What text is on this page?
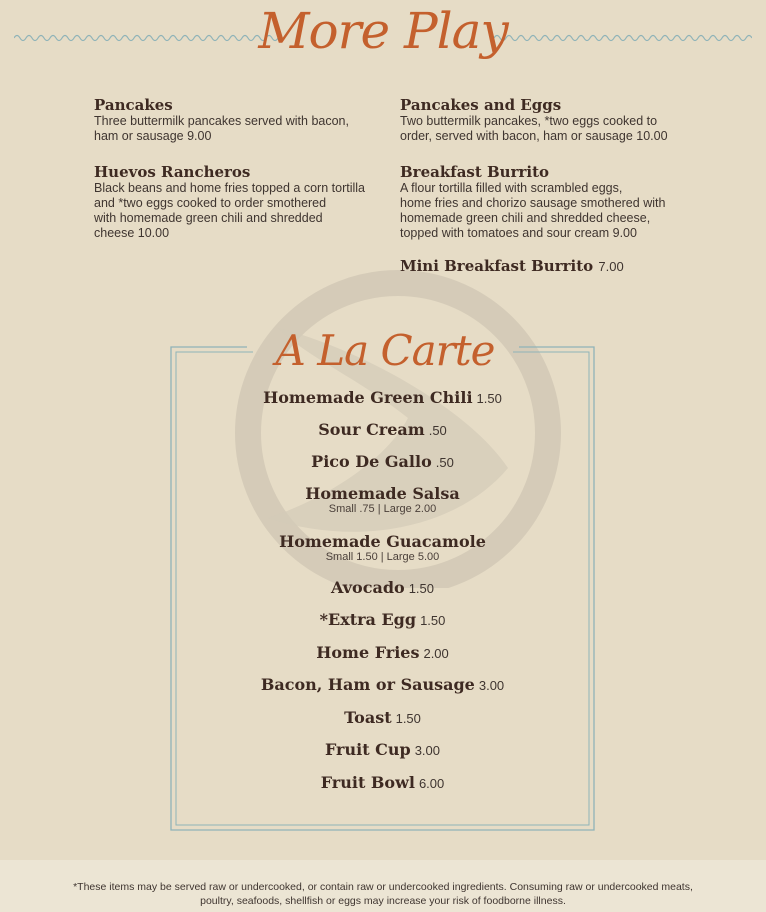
More Play
Pancakes
Three buttermilk pancakes served with bacon,
ham or sausage 9.00
Pancakes and Eggs
Two buttermilk pancakes, *two eggs cooked to
order, served with bacon, ham or sausage 10.00
Huevos Rancheros
Black beans and home fries topped a corn tortilla
and *two eggs cooked to order smothered
with homemade green chili and shredded
cheese 10.00
Breakfast Burrito
A flour tortilla filled with scrambled eggs,
home fries and chorizo sausage smothered with
homemade green chili and shredded cheese,
topped with tomatoes and sour cream 9.00
Mini Breakfast Burrito 7.00
A La Carte
Homemade Green Chili 1.50
Sour Cream .50
Pico De Gallo .50
Homemade Salsa
Small .75 | Large 2.00
Homemade Guacamole
Small 1.50 | Large 5.00
Avocado 1.50
*Extra Egg 1.50
Home Fries 2.00
Bacon, Ham or Sausage 3.00
Toast 1.50
Fruit Cup 3.00
Fruit Bowl 6.00
*These items may be served raw or undercooked, or contain raw or undercooked ingredients. Consuming raw or undercooked meats,
poultry, seafoods, shellfish or eggs may increase your risk of foodborne illness.
